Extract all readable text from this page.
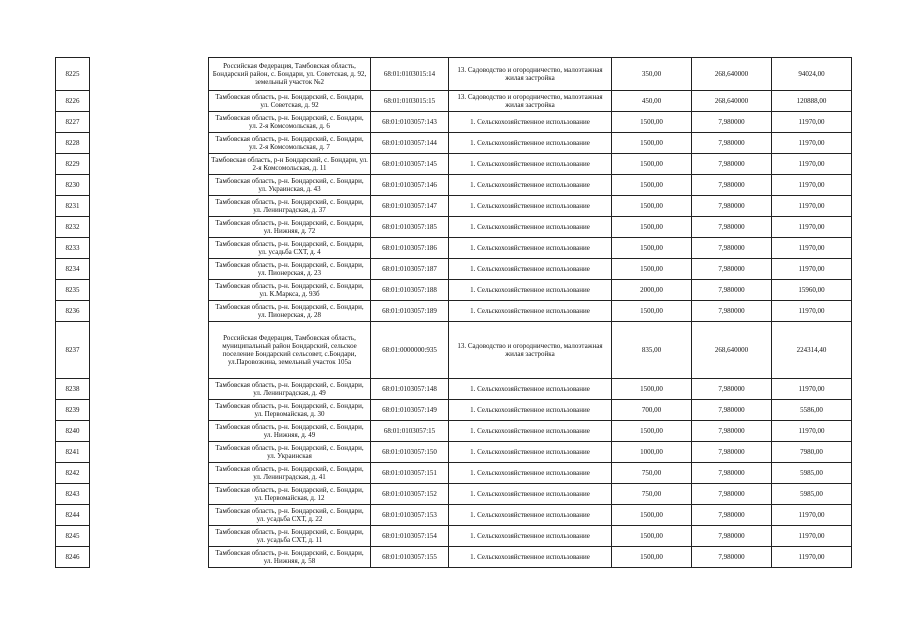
8225		Российская Федерация, Тамбовская область, Бондарский район, с. Бондари, ул. Советская, д. 92, земельный участок №2	68:01:0103015:14	13. Садоводство и огородничество, малоэтажная жилая застройка	350,00	268,640000	94024,00
8226		Тамбовская область, р-н. Бондарский, с. Бондари, ул. Советская, д. 92	68:01:0103015:15	13. Садоводство и огородничество, малоэтажная жилая застройка	450,00	268,640000	120888,00
8227		Тамбовская область, р-н. Бондарский, с. Бондари, ул. 2-я Комсомольская, д. 6	68:01:0103057:143	1. Сельскохозяйственное использование	1500,00	7,980000	11970,00
8228		Тамбовская область, р-н. Бондарский, с. Бондари, ул. 2-я Комсомольская, д. 7	68:01:0103057:144	1. Сельскохозяйственное использование	1500,00	7,980000	11970,00
8229		Тамбовская область, р-н Бондарский, с. Бондари, ул. 2-я Комсомольская, д. 11	68:01:0103057:145	1. Сельскохозяйственное использование	1500,00	7,980000	11970,00
8230		Тамбовская область, р-н. Бондарский, с. Бондари, ул. Украинская, д. 43	68:01:0103057:146	1. Сельскохозяйственное использование	1500,00	7,980000	11970,00
8231		Тамбовская область, р-н. Бондарский, с. Бондари, ул. Ленинградская, д. 37	68:01:0103057:147	1. Сельскохозяйственное использование	1500,00	7,980000	11970,00
8232		Тамбовская область, р-н. Бондарский, с. Бондари, ул. Нижняя, д. 72	68:01:0103057:185	1. Сельскохозяйственное использование	1500,00	7,980000	11970,00
8233		Тамбовская область, р-н. Бондарский, с. Бондари, ул. усадьба СХТ, д. 4	68:01:0103057:186	1. Сельскохозяйственное использование	1500,00	7,980000	11970,00
8234		Тамбовская область, р-н. Бондарский, с. Бондари, ул. Пионерская, д. 23	68:01:0103057:187	1. Сельскохозяйственное использование	1500,00	7,980000	11970,00
8235		Тамбовская область, р-н. Бондарский, с. Бондари, ул. К.Маркса, д. 93б	68:01:0103057:188	1. Сельскохозяйственное использование	2000,00	7,980000	15960,00
8236		Тамбовская область, р-н. Бондарский, с. Бондари, ул. Пионерская, д. 28	68:01:0103057:189	1. Сельскохозяйственное использование	1500,00	7,980000	11970,00
8237		Российская Федерация, Тамбовская область, муниципальный район Бондарский, сельское поселение Бондарский сельсовет, с.Бондари, ул.Паровозкина, земельный участок 105а	68:01:0000000:935	13. Садоводство и огородничество, малоэтажная жилая застройка	835,00	268,640000	224314,40
8238		Тамбовская область, р-н. Бондарский, с. Бондари, ул. Ленинградская, д. 49	68:01:0103057:148	1. Сельскохозяйственное использование	1500,00	7,980000	11970,00
8239		Тамбовская область, р-н. Бондарский, с. Бондари, ул. Первомайская, д. 30	68:01:0103057:149	1. Сельскохозяйственное использование	700,00	7,980000	5586,00
8240		Тамбовская область, р-н. Бондарский, с. Бондари, ул. Нижняя, д. 49	68:01:0103057:15	1. Сельскохозяйственное использование	1500,00	7,980000	11970,00
8241		Тамбовская область, р-н. Бондарский, с. Бондари, ул. Украинская	68:01:0103057:150	1. Сельскохозяйственное использование	1000,00	7,980000	7980,00
8242		Тамбовская область, р-н. Бондарский, с. Бондари, ул. Ленинградская, д. 41	68:01:0103057:151	1. Сельскохозяйственное использование	750,00	7,980000	5985,00
8243		Тамбовская область, р-н. Бондарский, с. Бондари, ул. Первомайская, д. 12	68:01:0103057:152	1. Сельскохозяйственное использование	750,00	7,980000	5985,00
8244		Тамбовская область, р-н. Бондарский, с. Бондари, ул. усадьба СХТ, д. 22	68:01:0103057:153	1. Сельскохозяйственное использование	1500,00	7,980000	11970,00
8245		Тамбовская область, р-н. Бондарский, с. Бондари, ул. усадьба СХТ, д. 11	68:01:0103057:154	1. Сельскохозяйственное использование	1500,00	7,980000	11970,00
8246		Тамбовская область, р-н. Бондарский, с. Бондари, ул. Нижняя, д. 58	68:01:0103057:155	1. Сельскохозяйственное использование	1500,00	7,980000	11970,00
